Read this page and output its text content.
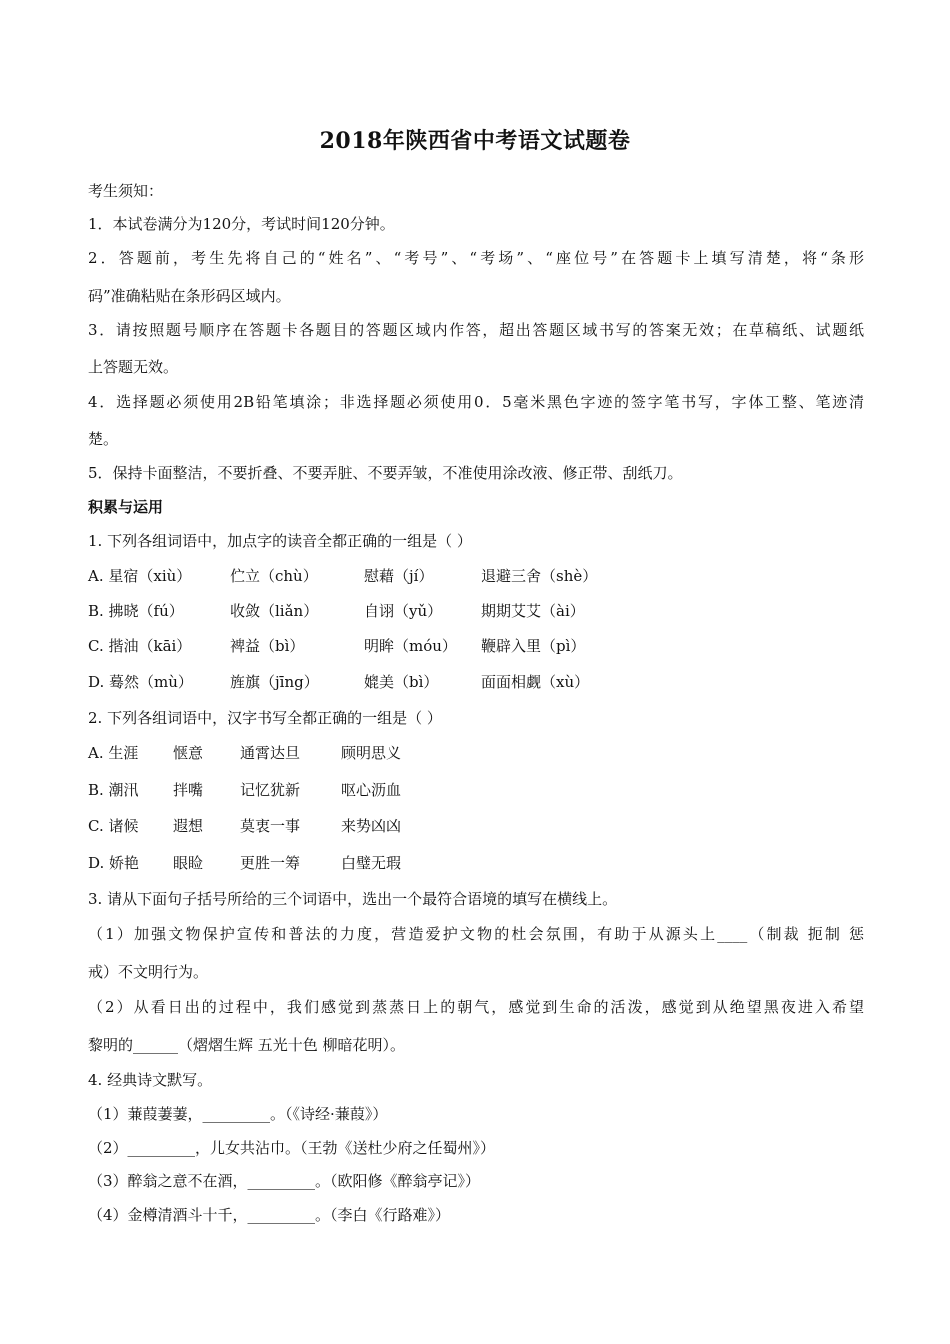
2018年陕西省中考语文试题卷
考生须知：
1．本试卷满分为120分，考试时间120分钟。
2．答题前，考生先将自己的“姓名”、“考号”、“考场”、“座位号”在答题卡上填写清楚，将“条形
码”准确粘贴在条形码区域内。
3．请按照题号顺序在答题卡各题目的答题区域内作答，超出答题区域书写的答案无效；在草稿纸、试题纸
上答题无效。
4．选择题必须使用2B铅笔填涂；非选择题必须使用0．5毫米黑色字迹的签字笔书写，字体工整、笔迹清
楚。
5．保持卡面整洁，不要折叠、不要弄脏、不要弄皱，不准使用涂改液、修正带、刮纸刀。
积累与运用
1. 下列各组词语中，加点字的读音全都正确的一组是（ ）
A. 星宿（xiù）	伫立（chù）	慰藉（jí）	退避三舍（shè）
B. 拂晓（fú）	收敛（liǎn）	自诩（yǔ）	期期艾艾（ài）
C. 揩油（kāi）	裨益（bì）	明眸（móu） 鞭辟入里（pì）
D. 蓦然（mù） 旌旗（jīng）	媲美（bì）	面面相觑（xù）
2. 下列各组词语中，汉字书写全都正确的一组是（ ）
A. 生涯 惬意 通霄达旦	顾明思义
B. 潮汛 拌嘴 记忆犹新	呕心沥血
C. 诸候 遐想 莫衷一事	来势凶凶
D. 娇艳 眼睑 更胜一筹	白璧无瑕
3. 请从下面句子括号所给的三个词语中，选出一个最符合语境的填写在横线上。
（1）加强文物保护宣传和普法的力度，营造爱护文物的杜会氛围，有助于从源头上____（制裁 扼制 惩
戒）不文明行为。
（2）从看日出的过程中，我们感觉到蒸蒸日上的朝气，感觉到生命的活泼，感觉到从绝望黑夜进入希望
黎明的______（熠熠生辉 五光十色 柳暗花明）。
4. 经典诗文默写。
（1）蒹葭萋萋，_________。（《诗经·蒹葭》）
（2）_________，儿女共沾巾。（王勃《送杜少府之任蜀州》）
（3）醉翁之意不在酒，_________。（欧阳修《醉翁亭记》）
（4）金樽清酒斗十千，_________。（李白《行路难》）
